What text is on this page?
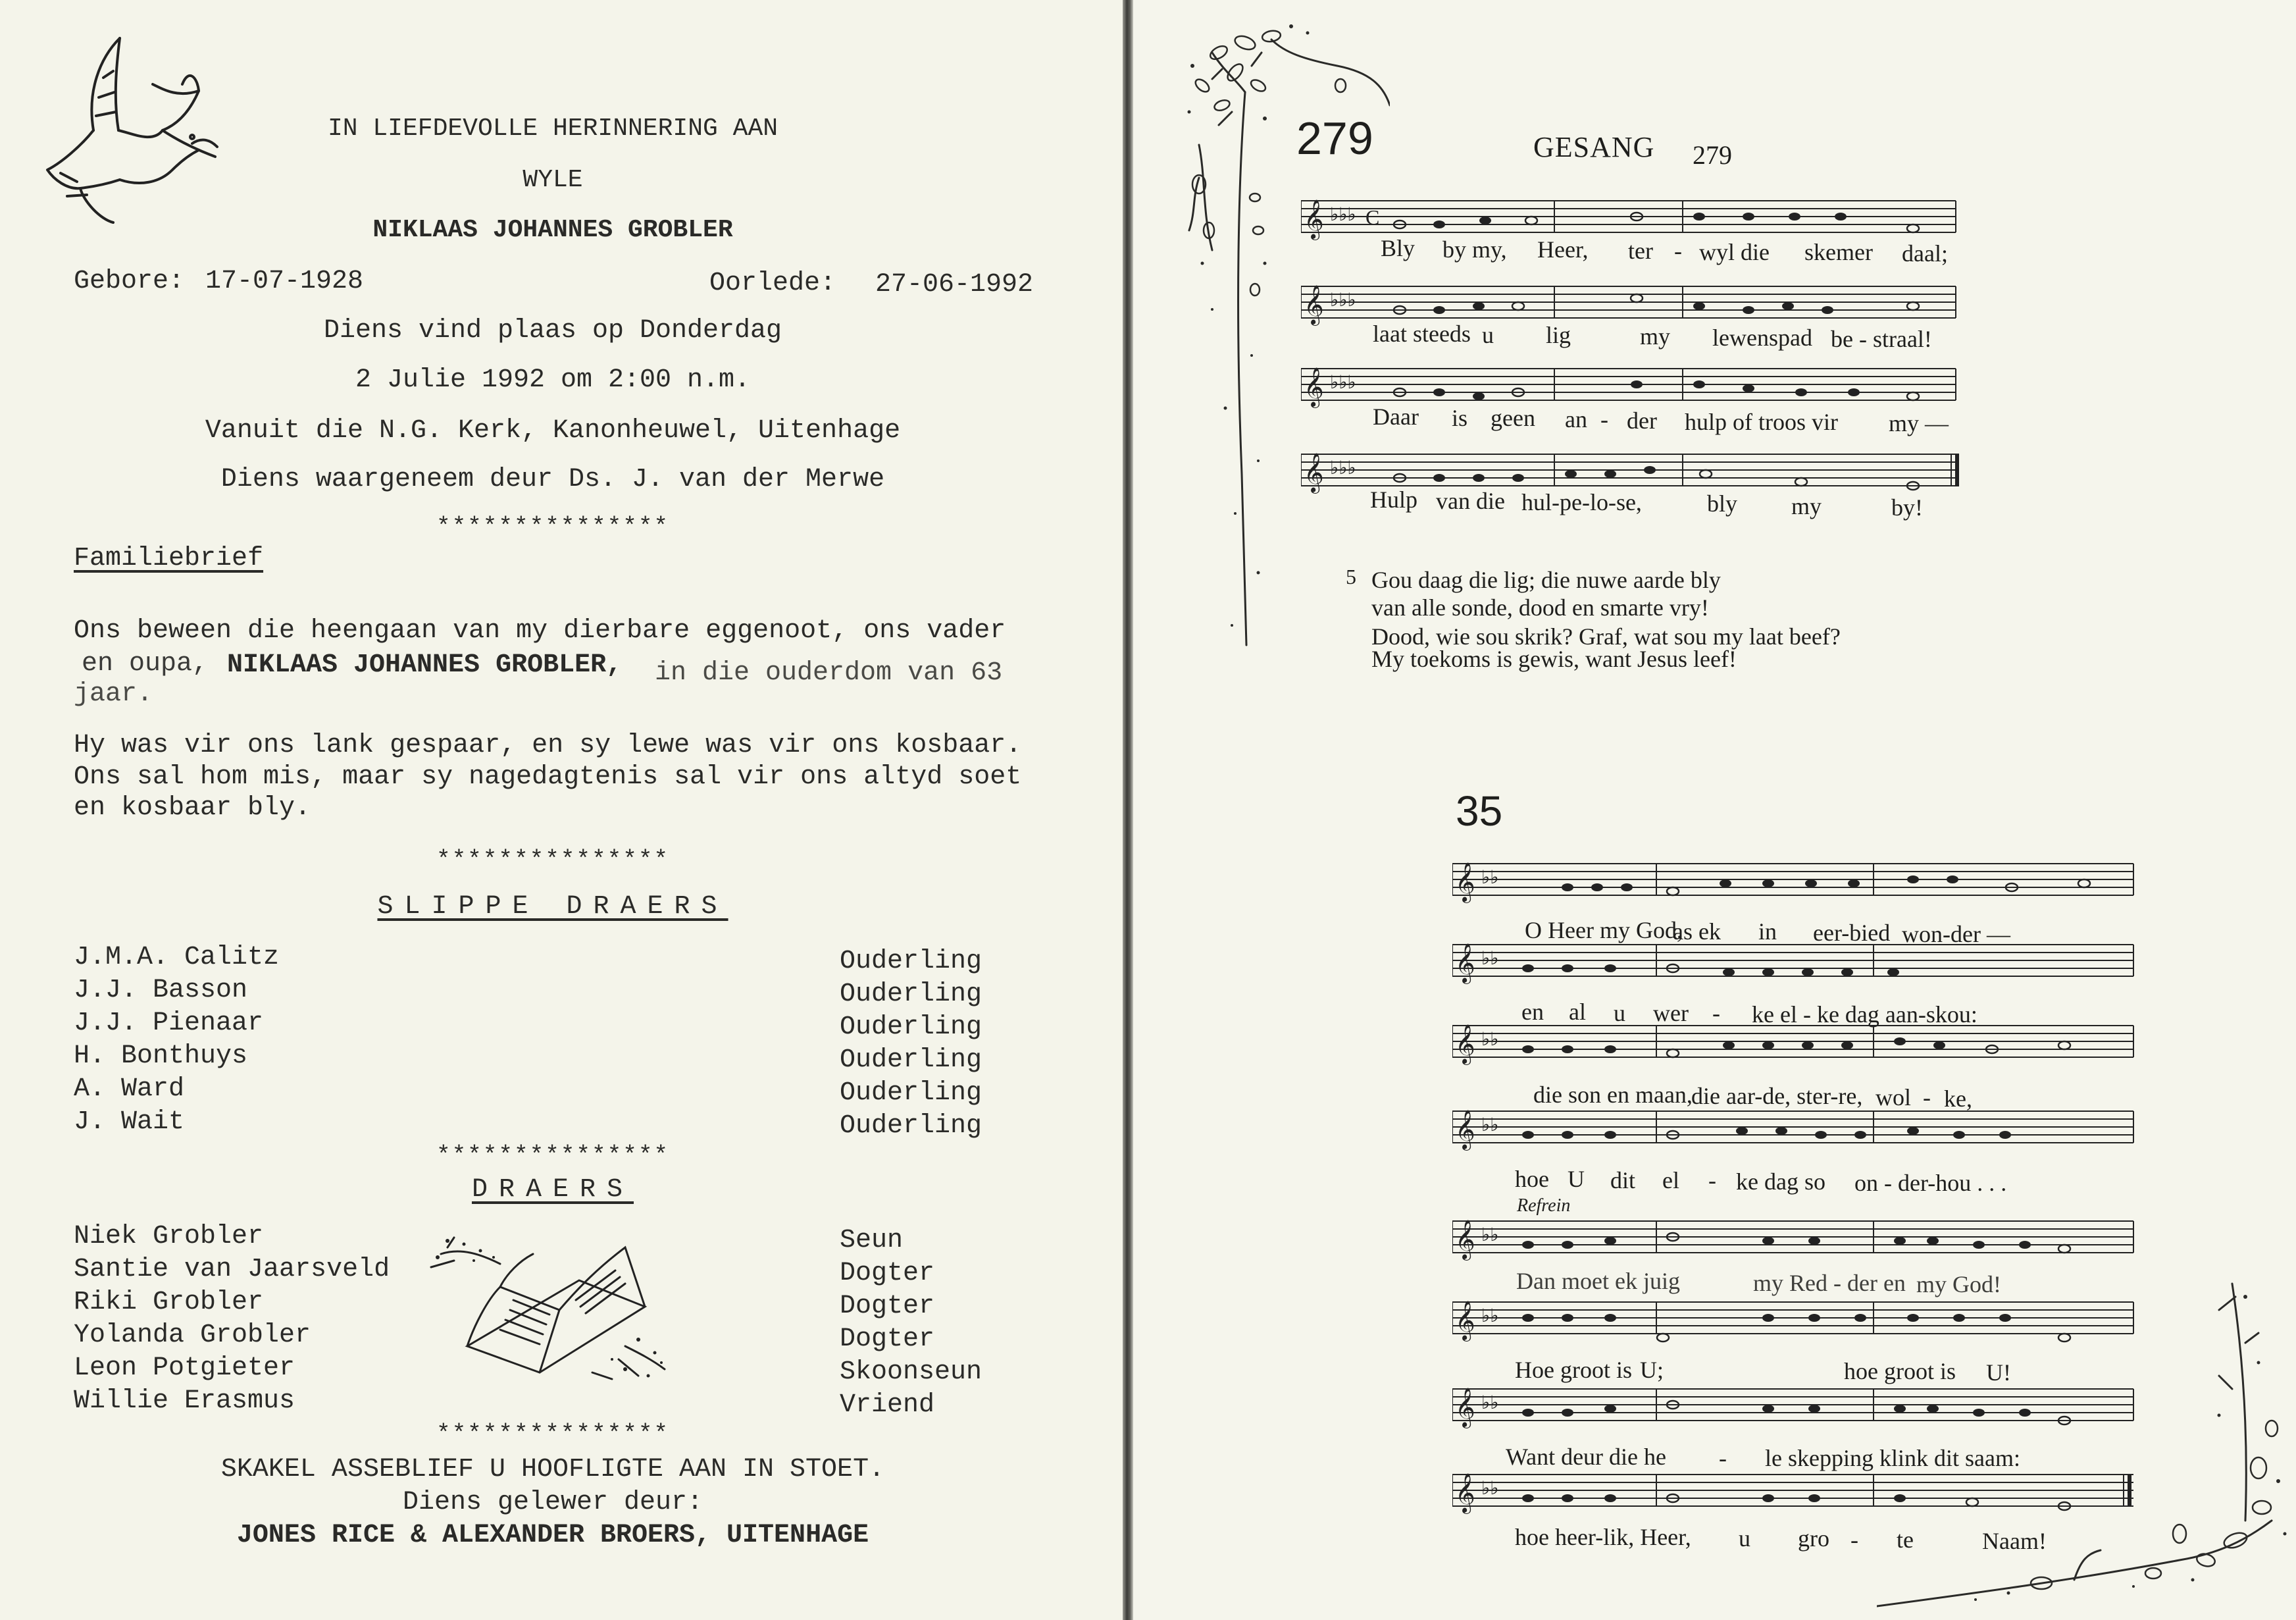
IN LIEFDEVOLLE HERINNERING AAN
WYLE
NIKLAAS JOHANNES GROBLER
Gebore: 17-07-1928	Oorlede: 27-06-1992
Diens vind plaas op Donderdag
2 Julie 1992 om 2:00 n.m.
Vanuit die N.G. Kerk, Kanonheuwel, Uitenhage
Diens waargeneem deur Ds. J. van der Merwe
***************
Familiebrief
Ons beween die heengaan van my dierbare eggenoot, ons vader
en oupa, NIKLAAS JOHANNES GROBLER, in die ouderdom van 63
jaar.
Hy was vir ons lank gespaar, en sy lewe was vir ons kosbaar.
Ons sal hom mis, maar sy nagedagtenis sal vir ons altyd soet
en kosbaar bly.
***************
SLIPPE DRAERS
J.M.A. Calitz	Ouderling
J.J. Basson	Ouderling
J.J. Pienaar	Ouderling
H. Bonthuys	Ouderling
A. Ward	Ouderling
J. Wait	Ouderling
***************
DRAERS
Niek Grobler	Seun
Santie van Jaarsveld	Dogter
Riki Grobler	Dogter
Yolanda Grobler	Dogter
Leon Potgieter	Skoonseun
Willie Erasmus	Vriend
***************
SKAKEL ASSEBLIEF U HOOFLIGTE AAN IN STOET.
Diens gelewer deur:
JONES RICE & ALEXANDER BROERS, UITENHAGE
279	GESANG 279
𝄞 ♭♭♭ C
Bly by my, Heer, ter - wyl die skemer daal;
𝄞 ♭♭♭
laat steeds u lig	my lewenspad be - straal!
𝄞 ♭♭♭
Daar is geen an - der hulp of troos vir my —
𝄞 ♭♭♭
Hulp van die hul-pe-lo-se,	bly my	by!
5 Gou daag die lig; die nuwe aarde bly
van alle sonde, dood en smarte vry!
Dood, wie sou skrik? Graf, wat sou my laat beef?
My toekoms is gewis, want Jesus leef!
35
𝄞 ♭♭
O Heer my God,
as ek in eer-bied won-der —
𝄞 ♭♭
en al u wer - ke el - ke dag aan-skou:
𝄞 ♭♭
die son en maan,
die aar-de, ster-re, wol - ke,
𝄞 ♭♭
hoe U dit el - ke dag so on - der-hou . . .
Refrein
𝄞 ♭♭
Dan moet ek juig	my Red - der en my God!
𝄞 ♭♭
Hoe groot is U;	hoe groot is U!
𝄞 ♭♭
Want deur die he - le skepping klink dit saam:
𝄞 ♭♭
hoe heer-lik, Heer, u gro - te	Naam!
